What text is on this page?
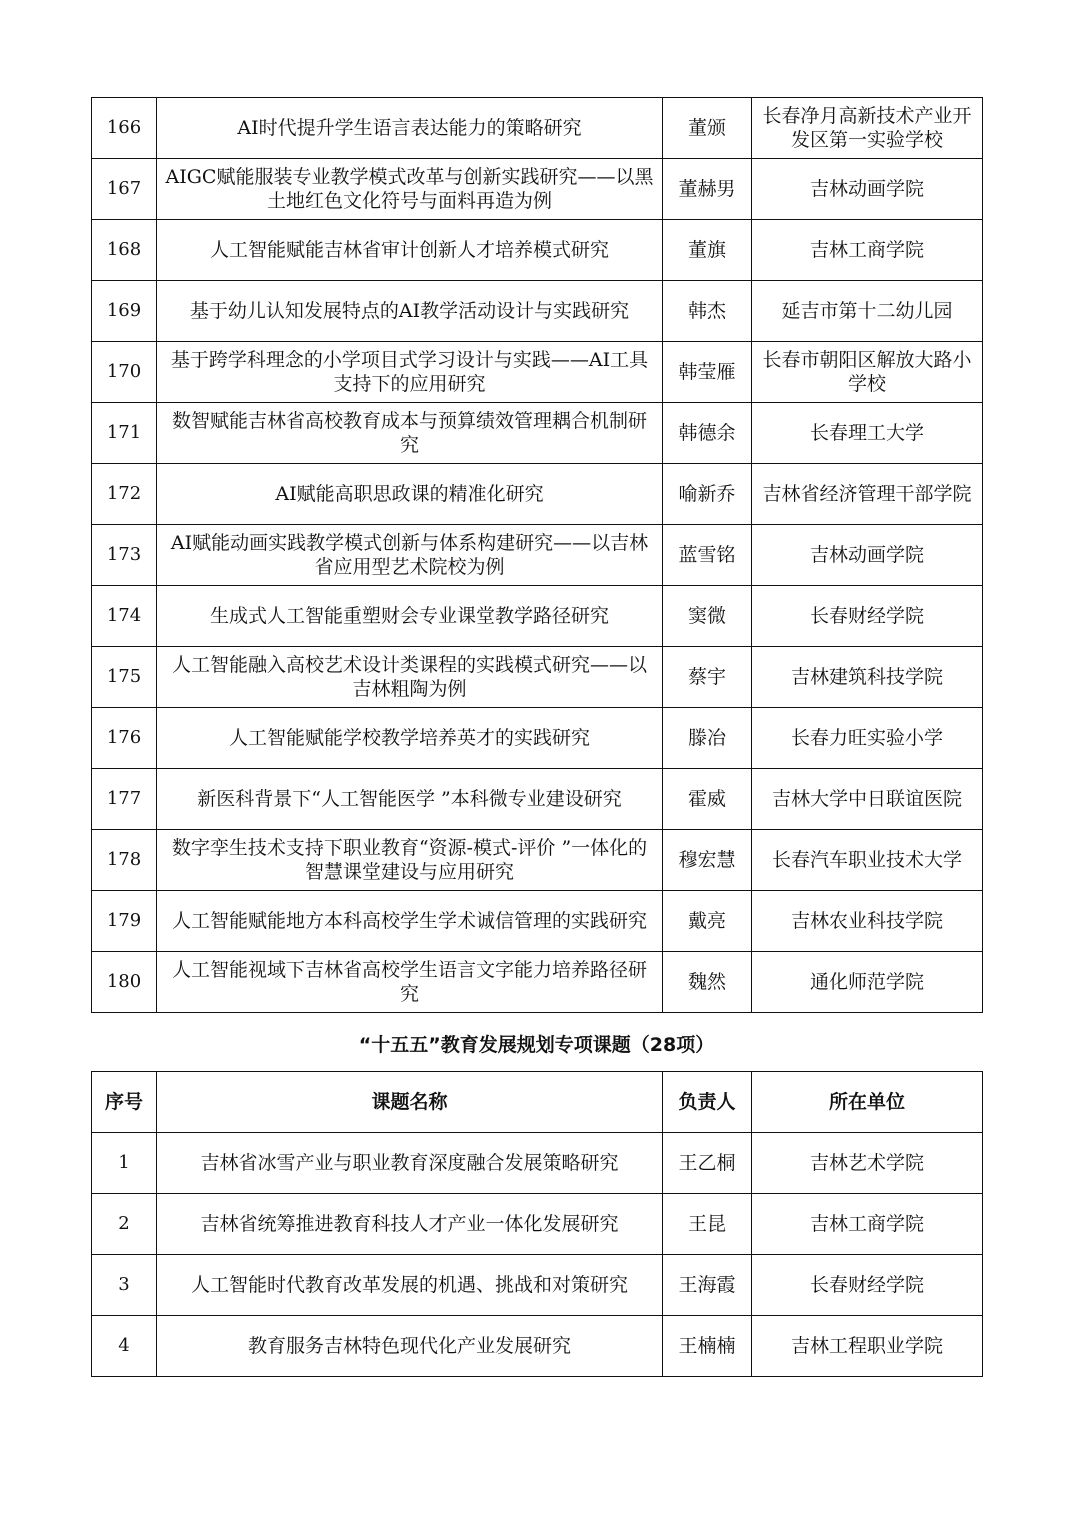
166	AI时代提升学生语言表达能力的策略研究	董颁	长春净月高新技术产业开发区第一实验学校
167	AIGC赋能服装专业教学模式改革与创新实践研究——以黑土地红色文化符号与面料再造为例	董赫男	吉林动画学院
168	人工智能赋能吉林省审计创新人才培养模式研究	董旗	吉林工商学院
169	基于幼儿认知发展特点的AI教学活动设计与实践研究	韩杰	延吉市第十二幼儿园
170	基于跨学科理念的小学项目式学习设计与实践——AI工具支持下的应用研究	韩莹雁	长春市朝阳区解放大路小学校
171	数智赋能吉林省高校教育成本与预算绩效管理耦合机制研究	韩德余	长春理工大学
172	AI赋能高职思政课的精准化研究	喻新乔	吉林省经济管理干部学院
173	AI赋能动画实践教学模式创新与体系构建研究——以吉林省应用型艺术院校为例	蓝雪铭	吉林动画学院
174	生成式人工智能重塑财会专业课堂教学路径研究	窦微	长春财经学院
175	人工智能融入高校艺术设计类课程的实践模式研究——以吉林粗陶为例	蔡宇	吉林建筑科技学院
176	人工智能赋能学校教学培养英才的实践研究	滕冶	长春力旺实验小学
177	新医科背景下“人工智能医学 ”本科微专业建设研究	霍威	吉林大学中日联谊医院
178	数字孪生技术支持下职业教育“资源-模式-评价 ”一体化的智慧课堂建设与应用研究	穆宏慧	长春汽车职业技术大学
179	人工智能赋能地方本科高校学生学术诚信管理的实践研究	戴亮	吉林农业科技学院
180	人工智能视域下吉林省高校学生语言文字能力培养路径研究	魏然	通化师范学院
“十五五”教育发展规划专项课题（28项）
序号	课题名称	负责人	所在单位
1	吉林省冰雪产业与职业教育深度融合发展策略研究	王乙桐	吉林艺术学院
2	吉林省统筹推进教育科技人才产业一体化发展研究	王昆	吉林工商学院
3	人工智能时代教育改革发展的机遇、挑战和对策研究	王海霞	长春财经学院
4	教育服务吉林特色现代化产业发展研究	王楠楠	吉林工程职业学院
